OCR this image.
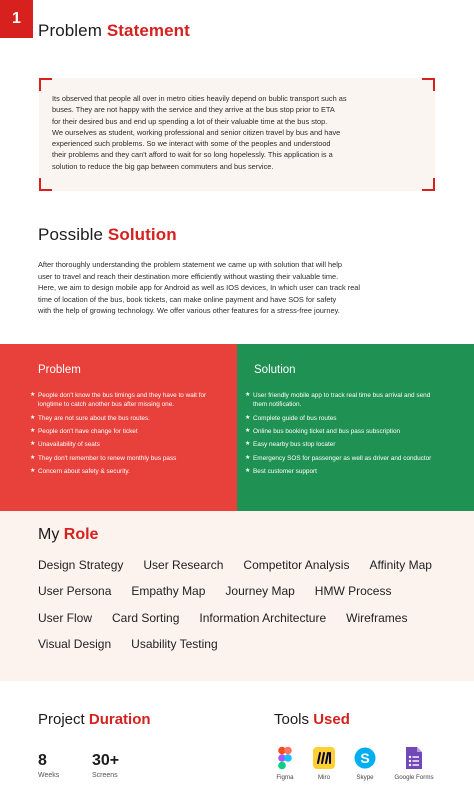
1
Problem Statement
Its observed that people all over in metro cities heavily depend on bublic transport such as
buses. They are not happy with the service and they arrive at the bus stop prior to ETA
for their desired bus and end up spending a lot of their valuable time at the bus stop.
We ourselves as student, working professional and senior citizen travel by bus and have
experienced such problems. So we interact with some of the peoples and understood
their problems and they can't afford to wait for so long hopelessly. This application is a
solution to reduce the big gap between commuters and bus service.
Possible Solution
After thoroughly understanding the problem statement we came up with solution that will help
user to travel and reach their destination more efficiently without wasting their valuable time.
Here, we aim to design mobile app for Android as well as IOS devices, In which user can track real
time of location of the bus, book tickets, can make online payment and have SOS for safety
with the help of growing technology. We offer various other features for a stress-free journey.
Problem
★ People don't know the bus timings and they have to wait for longtime to catch another bus after missing one.
★ They are not sure about the bus routes.
★ People don't have change for ticket
★ Unavailability of seats
★ They don't remember to renew monthly bus pass
★ Concern about safety & security.
Solution
★ User friendly mobile app to track real time bus arrival and send them notification.
★ Complete guide of bus routes
★ Online bus booking ticket and bus pass subscription
★ Easy nearby bus stop locater
★ Emergency SOS for passenger as well as driver and conductor
★ Best customer support
My Role
Design Strategy User Research Competitor Analysis Affinity Map
User Persona Empathy Map Journey Map HMW Process
User Flow Card Sorting Information Architecture Wireframes
Visual Design Usability Testing
Project Duration
8
Weeks
30+
Screens
Tools Used
Figma	Miro
S
Skype	Google Forms
